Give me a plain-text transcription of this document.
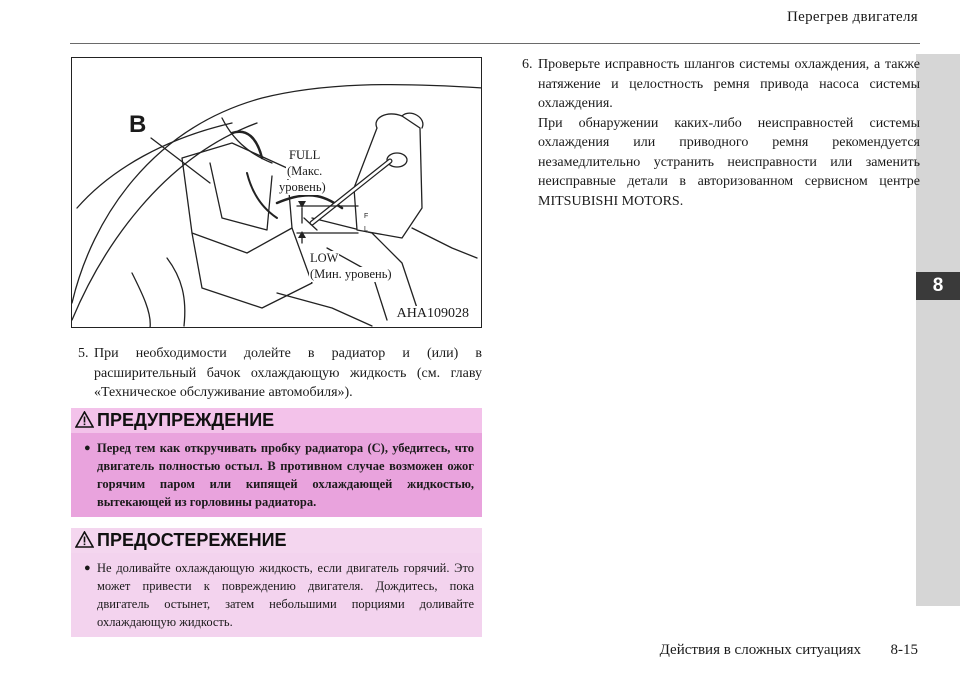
Перегрев двигателя
8
F
L
B
FULL
(Макс.
уровень)
LOW
(Мин. уровень)
AHA109028
5. При необходимости долейте в радиатор и (или) в расширительный бачок охлаждающую жидкость (см. главу «Техническое обслуживание автомобиля»).
ПРЕДУПРЕЖДЕНИЕ
● Перед тем как откручивать пробку радиатора (C), убедитесь, что двигатель полностью остыл. В противном случае возможен ожог горячим паром или кипящей охлаждающей жидкостью, вытекающей из горловины радиатора.
ПРЕДОСТЕРЕЖЕНИЕ
● Не доливайте охлаждающую жидкость, если двигатель горячий. Это может привести к повреждению двигателя. Дождитесь, пока двигатель остынет, затем небольшими порциями доливайте охлаждающую жидкость.
6. Проверьте исправность шлангов системы охлаждения, а также натяжение и целостность ремня привода насоса системы охлаждения.
При обнаружении каких-либо неисправностей системы охлаждения или приводного ремня рекомендуется незамедлительно устранить неисправности или заменить неисправные детали в авторизованном сервисном центре MITSUBISHI MOTORS.
Действия в сложных ситуациях 8-15
